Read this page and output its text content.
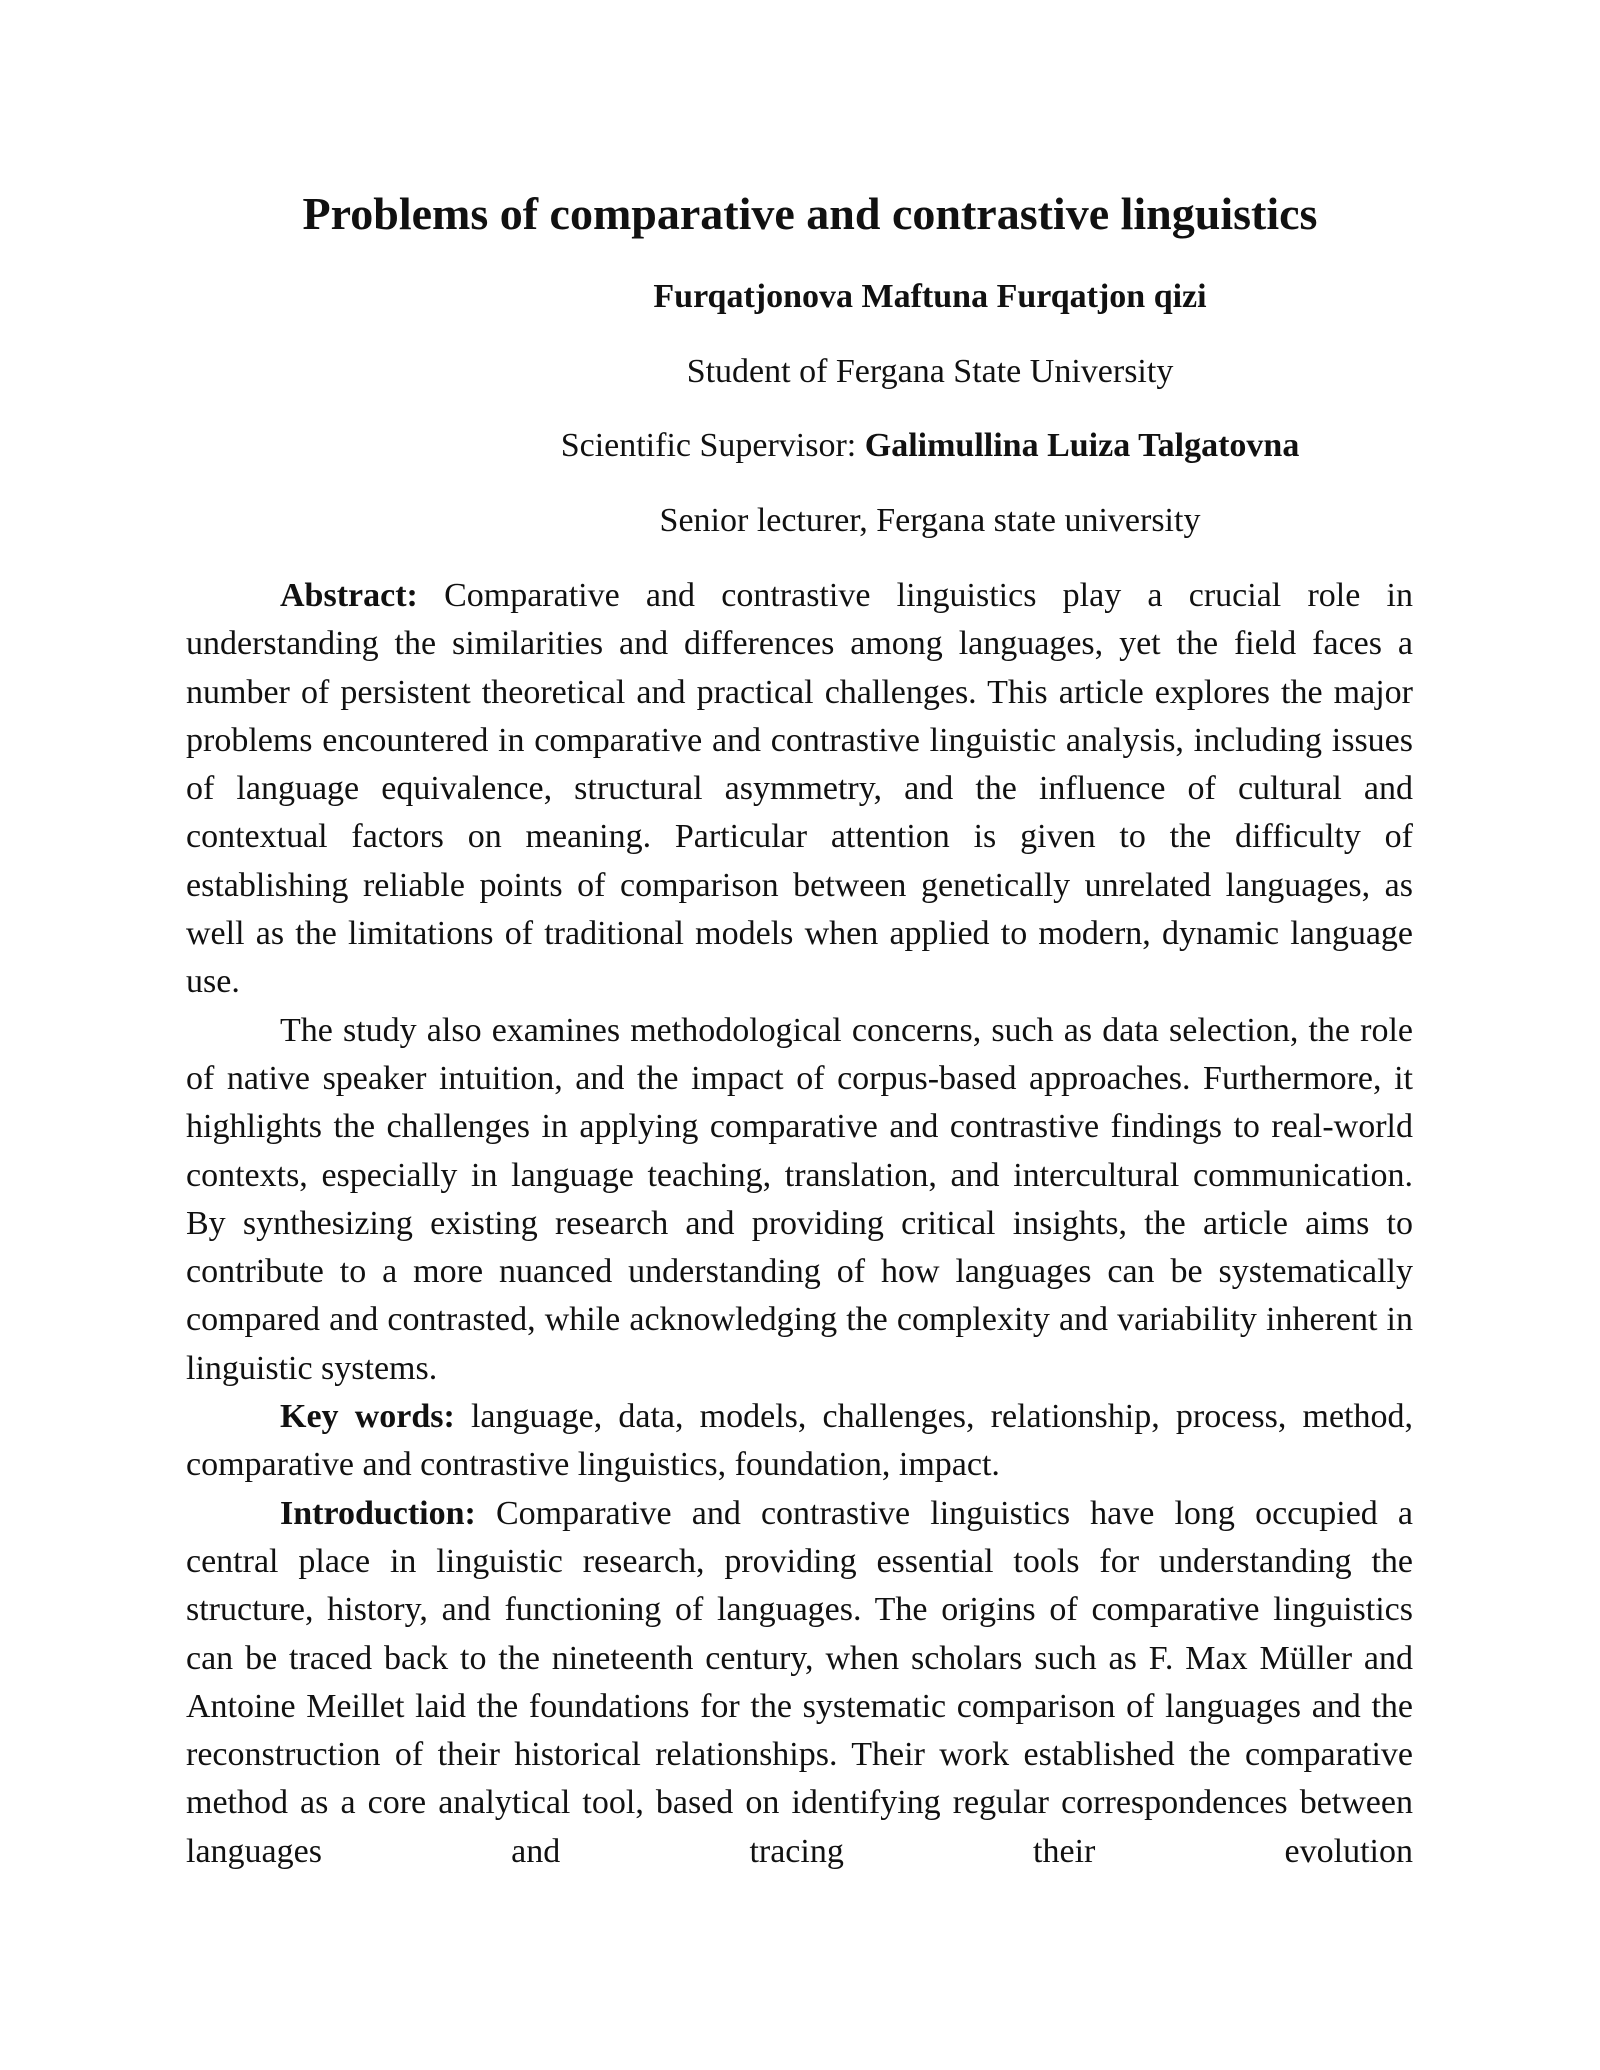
Problems of comparative and contrastive linguistics
Furqatjonova Maftuna Furqatjon qizi
Student of Fergana State University
Scientific Supervisor: Galimullina Luiza Talgatovna
Senior lecturer, Fergana state university

Abstract: Comparative and contrastive linguistics play a crucial role in understanding the similarities and differences among languages, yet the field faces a number of persistent theoretical and practical challenges. This article explores the major problems encountered in comparative and contrastive linguistic analysis, including issues of language equivalence, structural asymmetry, and the influence of cultural and contextual factors on meaning. Particular attention is given to the difficulty of establishing reliable points of comparison between genetically unrelated languages, as well as the limitations of traditional models when applied to modern, dynamic language use.

The study also examines methodological concerns, such as data selection, the role of native speaker intuition, and the impact of corpus-based approaches. Furthermore, it highlights the challenges in applying comparative and contrastive findings to real-world contexts, especially in language teaching, translation, and intercultural communication. By synthesizing existing research and providing critical insights, the article aims to contribute to a more nuanced understanding of how languages can be systematically compared and contrasted, while acknowledging the complexity and variability inherent in linguistic systems.

Key words: language, data, models, challenges, relationship, process, method, comparative and contrastive linguistics, foundation, impact.

Introduction: Comparative and contrastive linguistics have long occupied a central place in linguistic research, providing essential tools for understanding the structure, history, and functioning of languages. The origins of comparative linguistics can be traced back to the nineteenth century, when scholars such as F. Max Müller and Antoine Meillet laid the foundations for the systematic comparison of languages and the reconstruction of their historical relationships. Their work established the comparative method as a core analytical tool, based on identifying regular correspondences between languages and tracing their evolution
